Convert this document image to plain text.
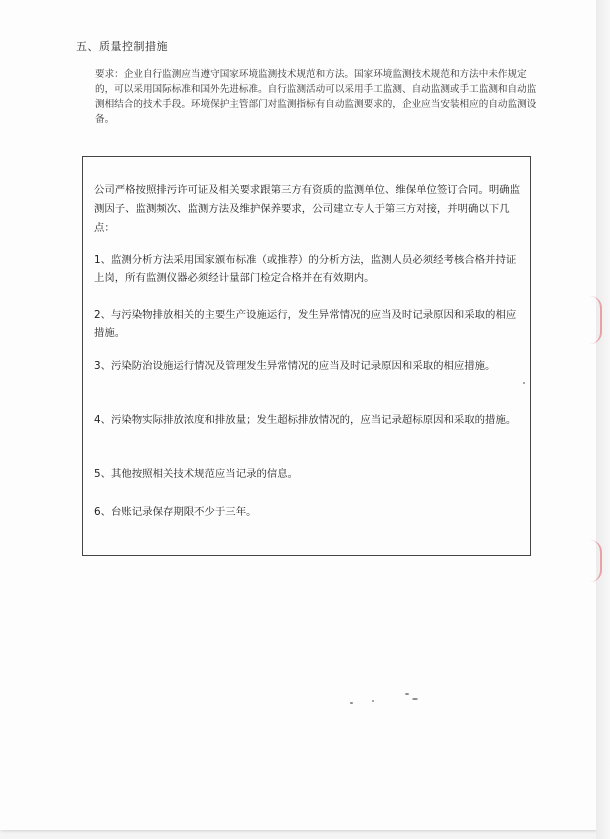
五、质量控制措施
要求：企业自行监测应当遵守国家环境监测技术规范和方法。国家环境监测技术规范和方法中未作规定的，可以采用国际标准和国外先进标准。自行监测活动可以采用手工监测、自动监测或手工监测和自动监测相结合的技术手段。环境保护主管部门对监测指标有自动监测要求的，企业应当安装相应的自动监测设备。
公司严格按照排污许可证及相关要求跟第三方有资质的监测单位、维保单位签订合同。明确监测因子、监测频次、监测方法及维护保养要求，公司建立专人于第三方对接，并明确以下几点：
1、监测分析方法采用国家颁布标准（或推荐）的分析方法，监测人员必须经考核合格并持证上岗，所有监测仪器必须经计量部门检定合格并在有效期内。
2、与污染物排放相关的主要生产设施运行，发生异常情况的应当及时记录原因和采取的相应措施。
3、污染防治设施运行情况及管理发生异常情况的应当及时记录原因和采取的相应措施。
4、污染物实际排放浓度和排放量；发生超标排放情况的，应当记录超标原因和采取的措施。
5、其他按照相关技术规范应当记录的信息。
6、台账记录保存期限不少于三年。
